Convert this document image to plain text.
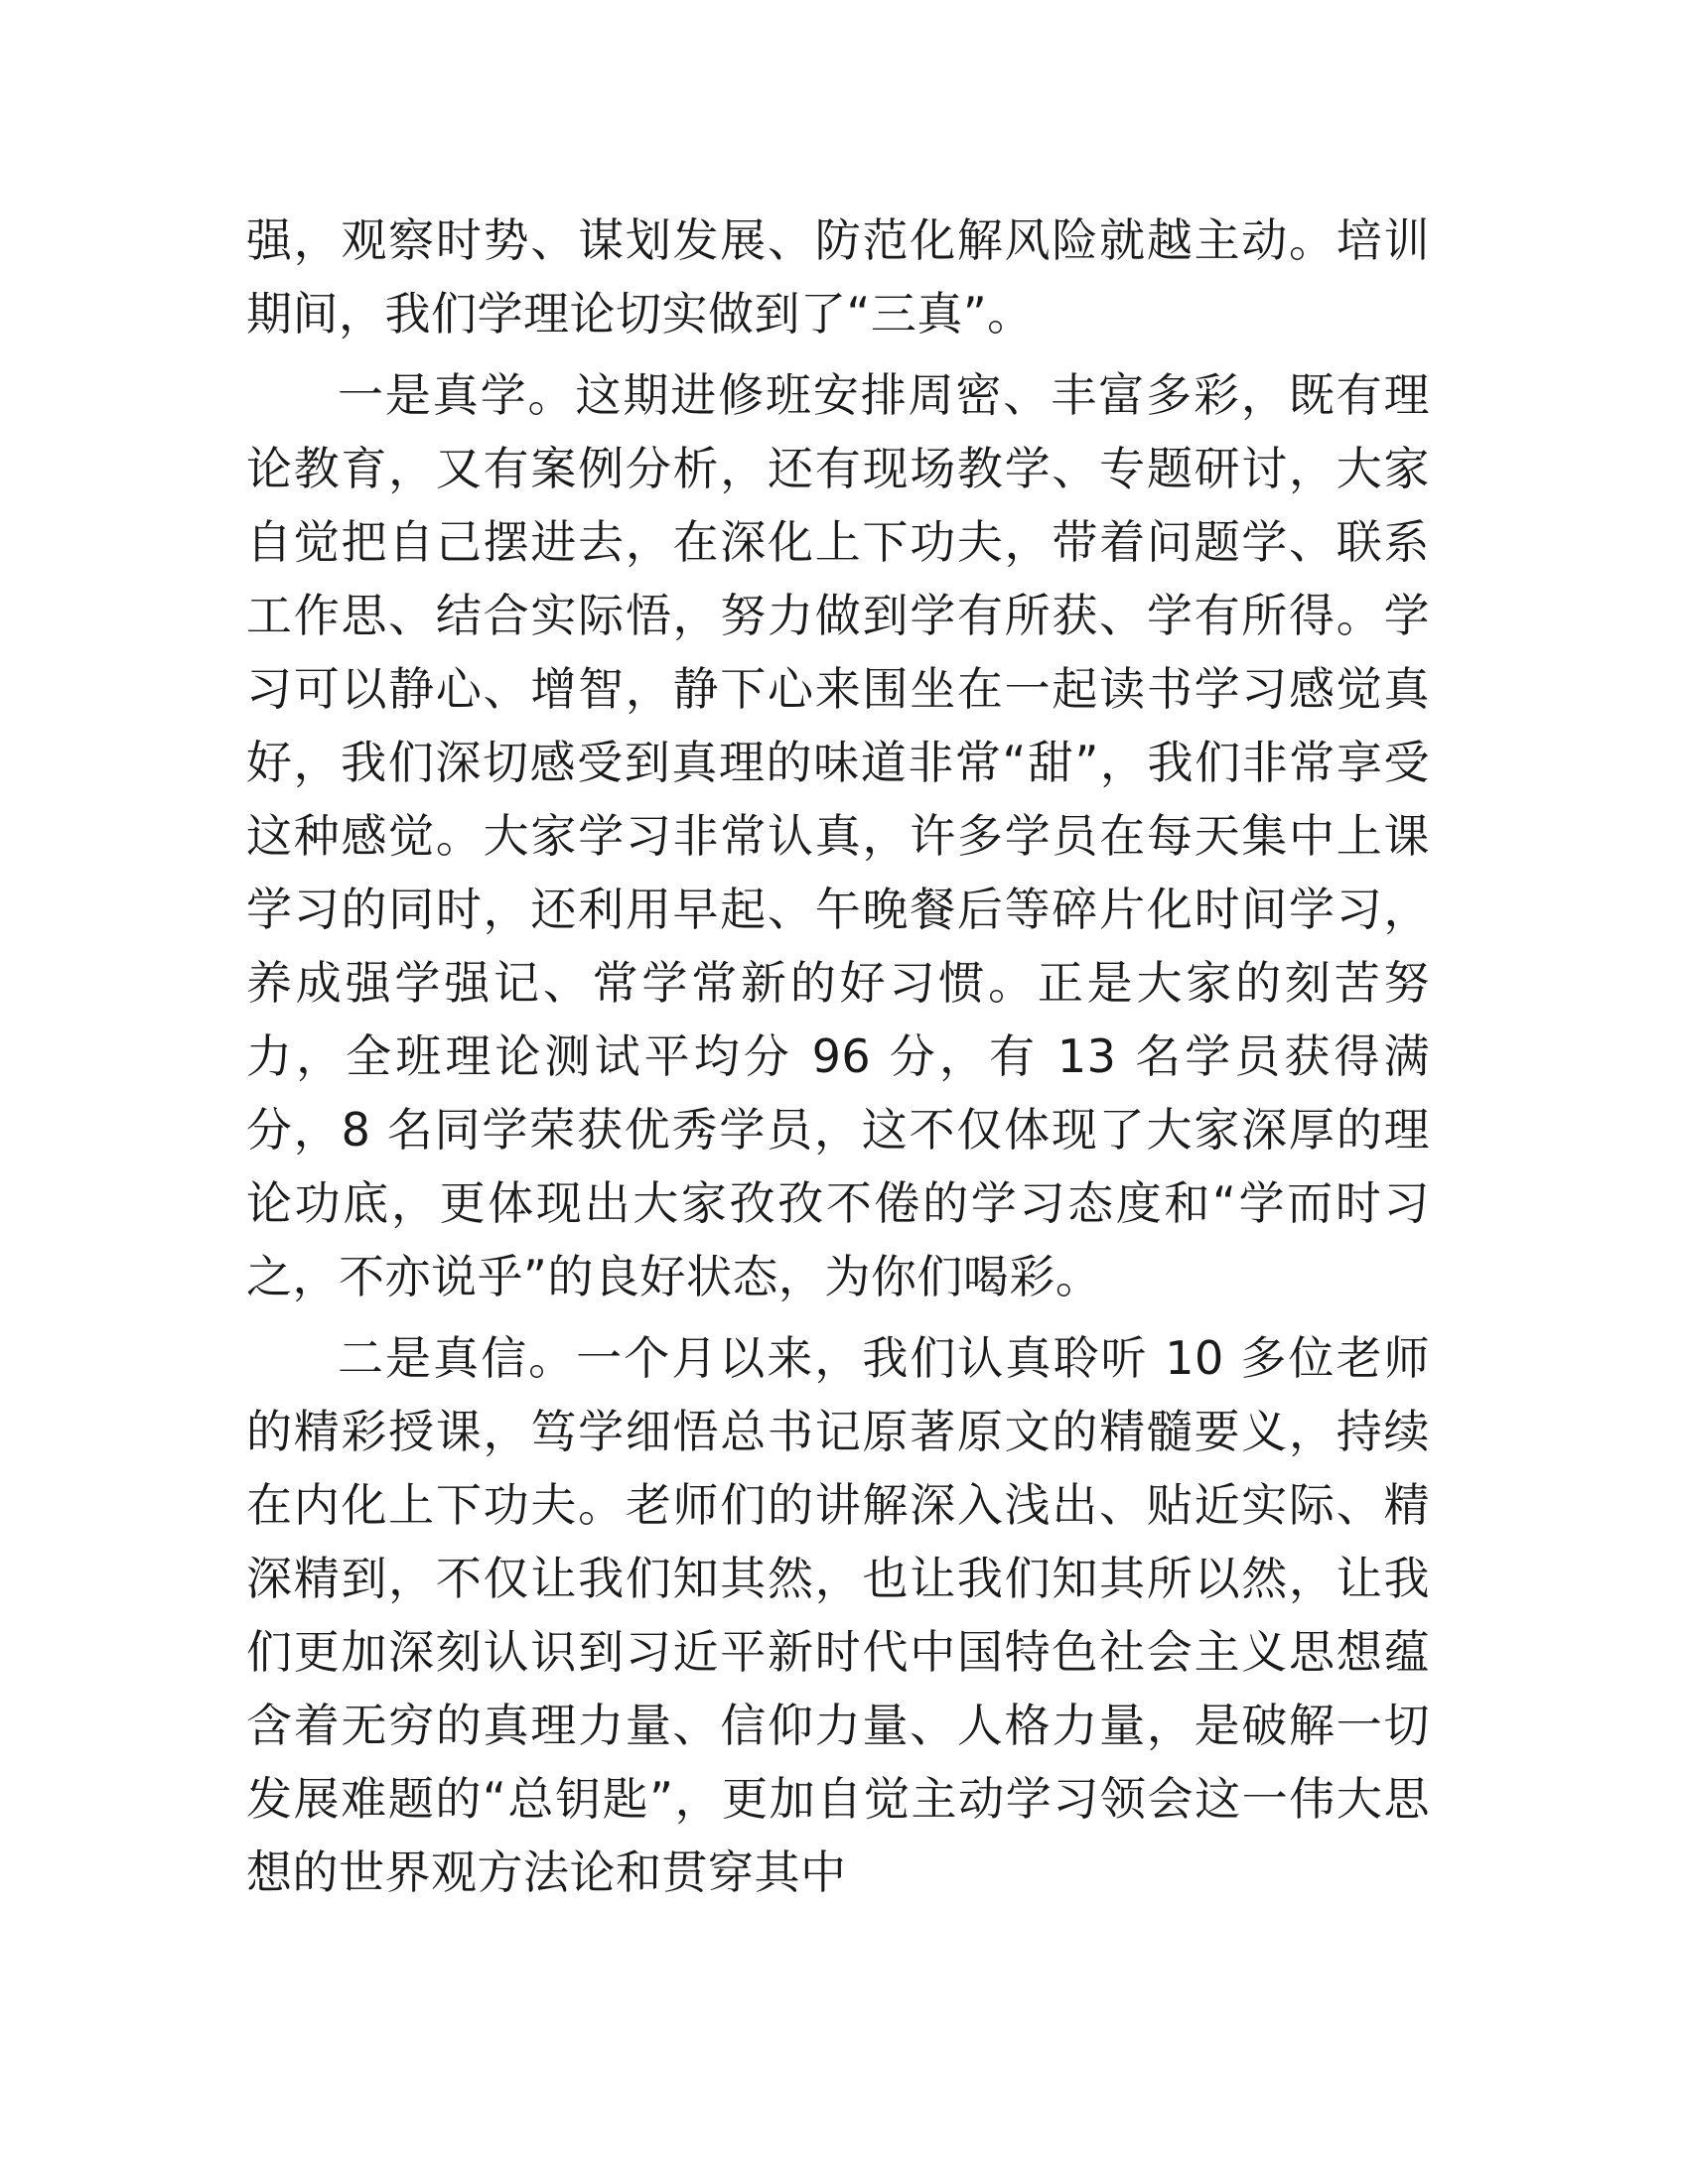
强，观察时势、谋划发展、防范化解风险就越主动。培训期间，我们学理论切实做到了“三真”。

一是真学。这期进修班安排周密、丰富多彩，既有理论教育，又有案例分析，还有现场教学、专题研讨，大家自觉把自己摆进去，在深化上下功夫，带着问题学、联系工作思、结合实际悟，努力做到学有所获、学有所得。学习可以静心、增智，静下心来围坐在一起读书学习感觉真好，我们深切感受到真理的味道非常“甜”，我们非常享受这种感觉。大家学习非常认真，许多学员在每天集中上课学习的同时，还利用早起、午晚餐后等碎片化时间学习，养成强学强记、常学常新的好习惯。正是大家的刻苦努力，全班理论测试平均分 96 分，有 13 名学员获得满分，8 名同学荣获优秀学员，这不仅体现了大家深厚的理论功底，更体现出大家孜孜不倦的学习态度和“学而时习之，不亦说乎”的良好状态，为你们喝彩。

二是真信。一个月以来，我们认真聆听 10 多位老师的精彩授课，笃学细悟总书记原著原文的精髓要义，持续在内化上下功夫。老师们的讲解深入浅出、贴近实际、精深精到，不仅让我们知其然，也让我们知其所以然，让我们更加深刻认识到习近平新时代中国特色社会主义思想蕴含着无穷的真理力量、信仰力量、人格力量，是破解一切发展难题的“总钥匙”，更加自觉主动学习领会这一伟大思想的世界观方法论和贯穿其中
